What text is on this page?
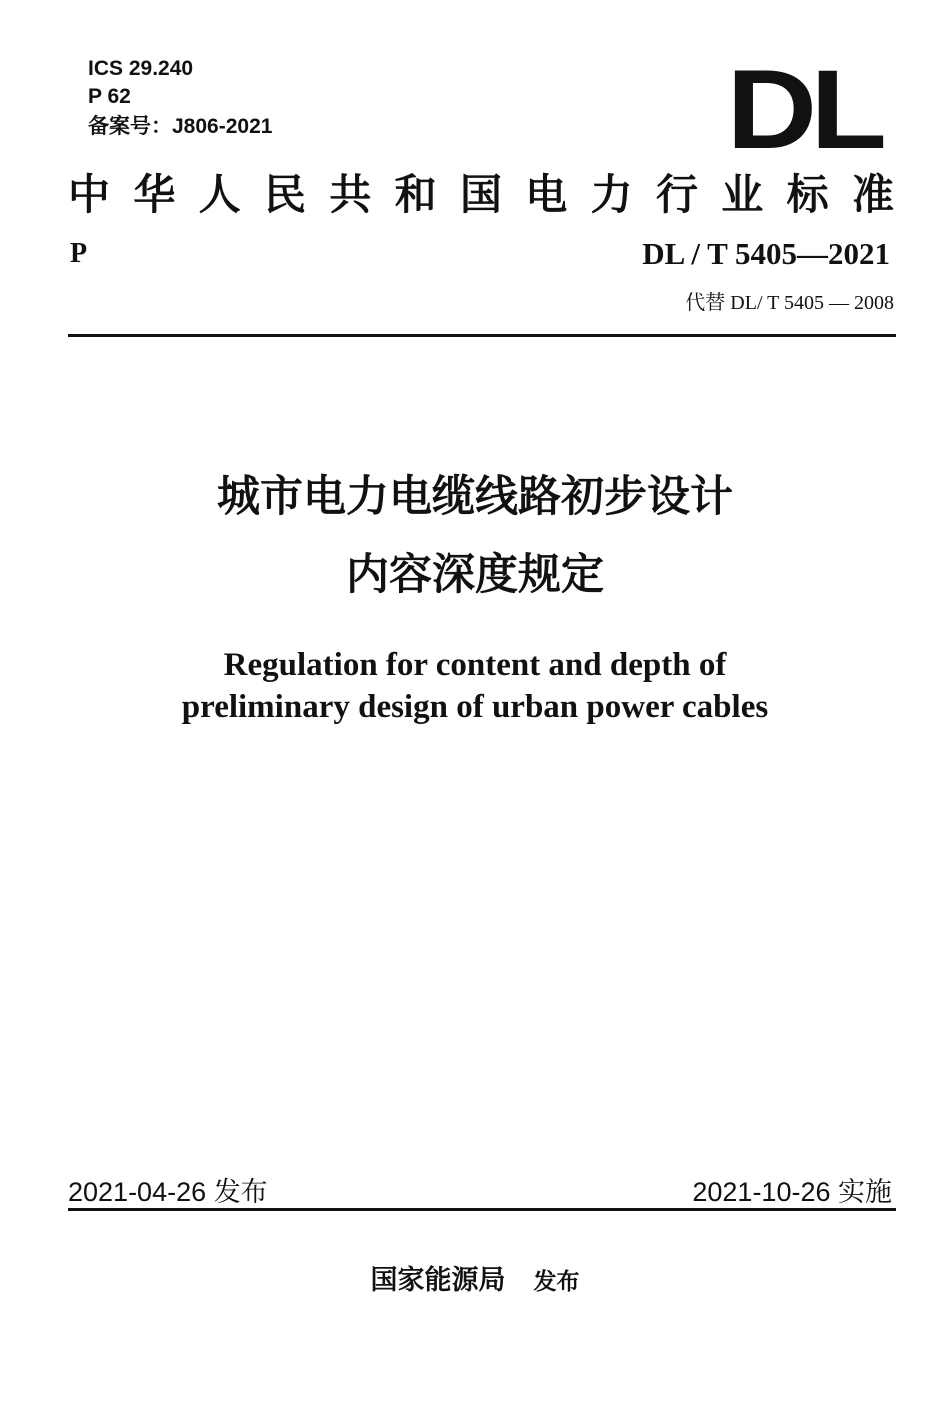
ICS 29.240
P 62
备案号：J806-2021	DL
中 华 人 民 共 和 国 电 力 行 业 标 准
P	DL / T 5405—2021
代替 DL/ T 5405 — 2008
城市电力电缆线路初步设计
内容深度规定
Regulation for content and depth of
preliminary design of urban power cables
2021-04-26 发布	2021-10-26 实施
国家能源局 发布
